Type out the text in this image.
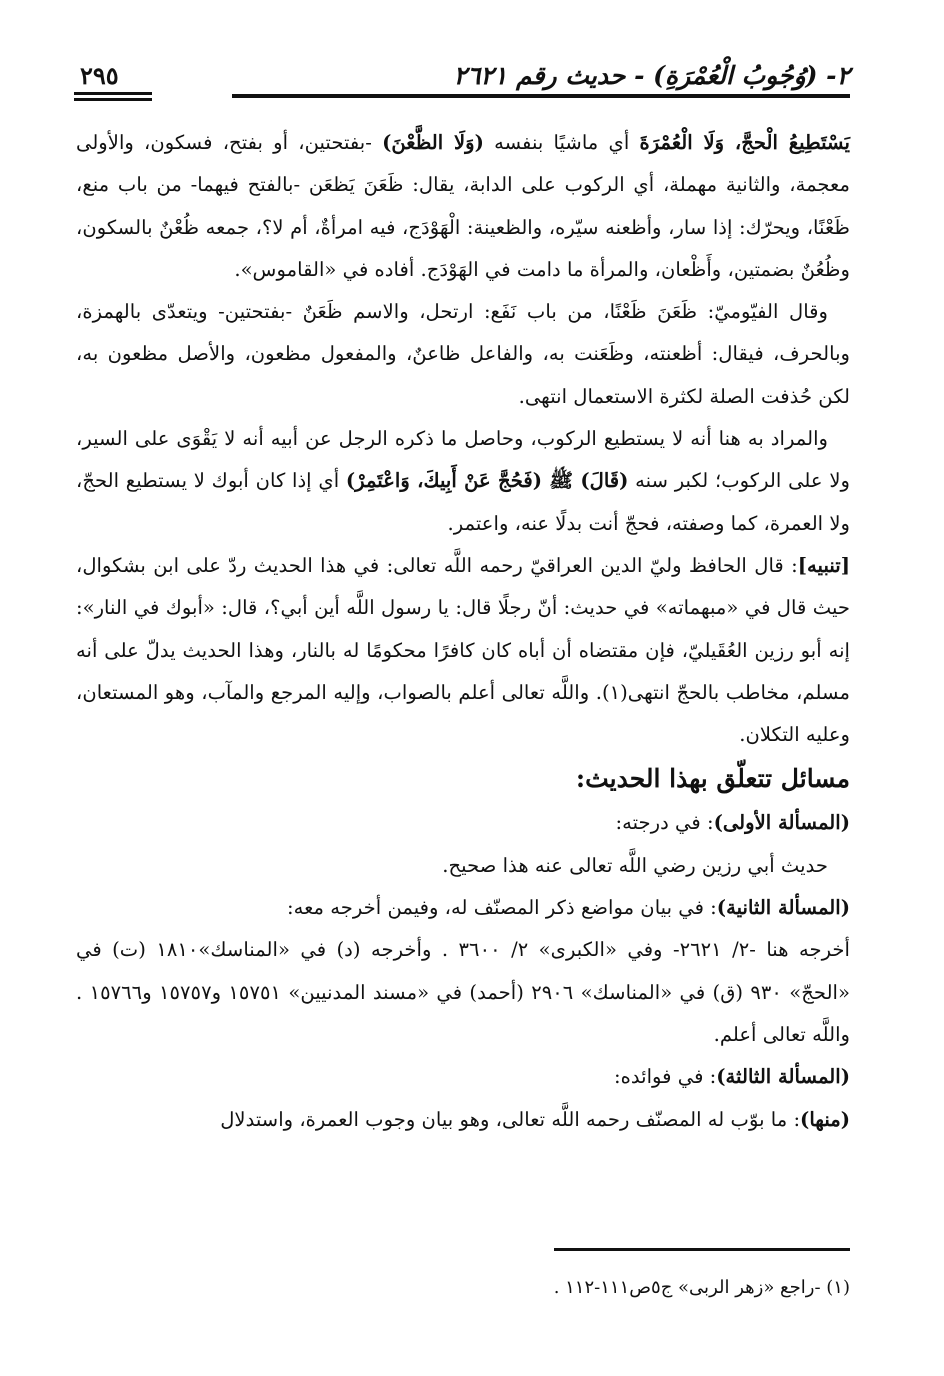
٢- (وُجُوبُ الْعُمْرَةِ) - حديث رقم ٢٦٢١
٢٩٥

يَسْتَطِيعُ الْحجَّ، وَلَا الْعُمْرَةَ أي ماشيًا بنفسه (وَلَا الظَّعْنَ) -بفتحتين، أو بفتح، فسكون، والأولى معجمة، والثانية مهملة، أي الركوب على الدابة، يقال: ظَعَنَ يَظعَن -بالفتح فيهما- من باب منع، ظَعْنًا، ويحرّك: إذا سار، وأظعنه سيّره، والظعينة: الْهَوْدَج، فيه امرأةٌ، أم لا؟، جمعه ظُعْنٌ بالسكون، وظُعُنٌ بضمتين، وأَظْعان، والمرأة ما دامت في الهَوْدَج. أفاده في «القاموس».

وقال الفيّوميّ: ظَعَنَ ظَعْنًا، من باب نَفَع: ارتحل، والاسم ظَعَنٌ -بفتحتين- ويتعدّى بالهمزة، وبالحرف، فيقال: أظعنته، وظَعَنت به، والفاعل ظاعنٌ، والمفعول مظعون، والأصل مظعون به، لكن حُذفت الصلة لكثرة الاستعمال انتهى.

والمراد به هنا أنه لا يستطيع الركوب، وحاصل ما ذكره الرجل عن أبيه أنه لا يَقْوَى على السير، ولا على الركوب؛ لكبر سنه (قَالَ) ﷺ (فَحُجَّ عَنْ أَبِيكَ، وَاعْتَمِرْ) أي إذا كان أبوك لا يستطيع الحجّ، ولا العمرة، كما وصفته، فحجّ أنت بدلًا عنه، واعتمر.

[تنبيه]: قال الحافظ وليّ الدين العراقيّ رحمه اللَّه تعالى: في هذا الحديث ردّ على ابن بشكوال، حيث قال في «مبهماته» في حديث: أنّ رجلًا قال: يا رسول اللَّه أين أبي؟، قال: «أبوك في النار»: إنه أبو رزين العُقَيليّ، فإن مقتضاه أن أباه كان كافرًا محكومًا له بالنار، وهذا الحديث يدلّ على أنه مسلم، مخاطب بالحجّ انتهى(١). واللَّه تعالى أعلم بالصواب، وإليه المرجع والمآب، وهو المستعان، وعليه التكلان.

مسائل تتعلّق بهذا الحديث:

(المسألة الأولى): في درجته:

حديث أبي رزين رضي اللَّه تعالى عنه هذا صحيح.

(المسألة الثانية): في بيان مواضع ذكر المصنّف له، وفيمن أخرجه معه:

أخرجه هنا -٢/ ٢٦٢١- وفي «الكبرى» ٢/ ٣٦٠٠ . وأخرجه (د) في «المناسك»١٨١٠ (ت) في «الحجّ» ٩٣٠ (ق) في «المناسك» ٢٩٠٦ (أحمد) في «مسند المدنيين» ١٥٧٥١ و١٥٧٥٧ و١٥٧٦٦ . واللَّه تعالى أعلم.

(المسألة الثالثة): في فوائده:

(منها): ما بوّب له المصنّف رحمه اللَّه تعالى، وهو بيان وجوب العمرة، واستدلال

(١) -راجع «زهر الربى» ج٥ص١١١-١١٢ .
